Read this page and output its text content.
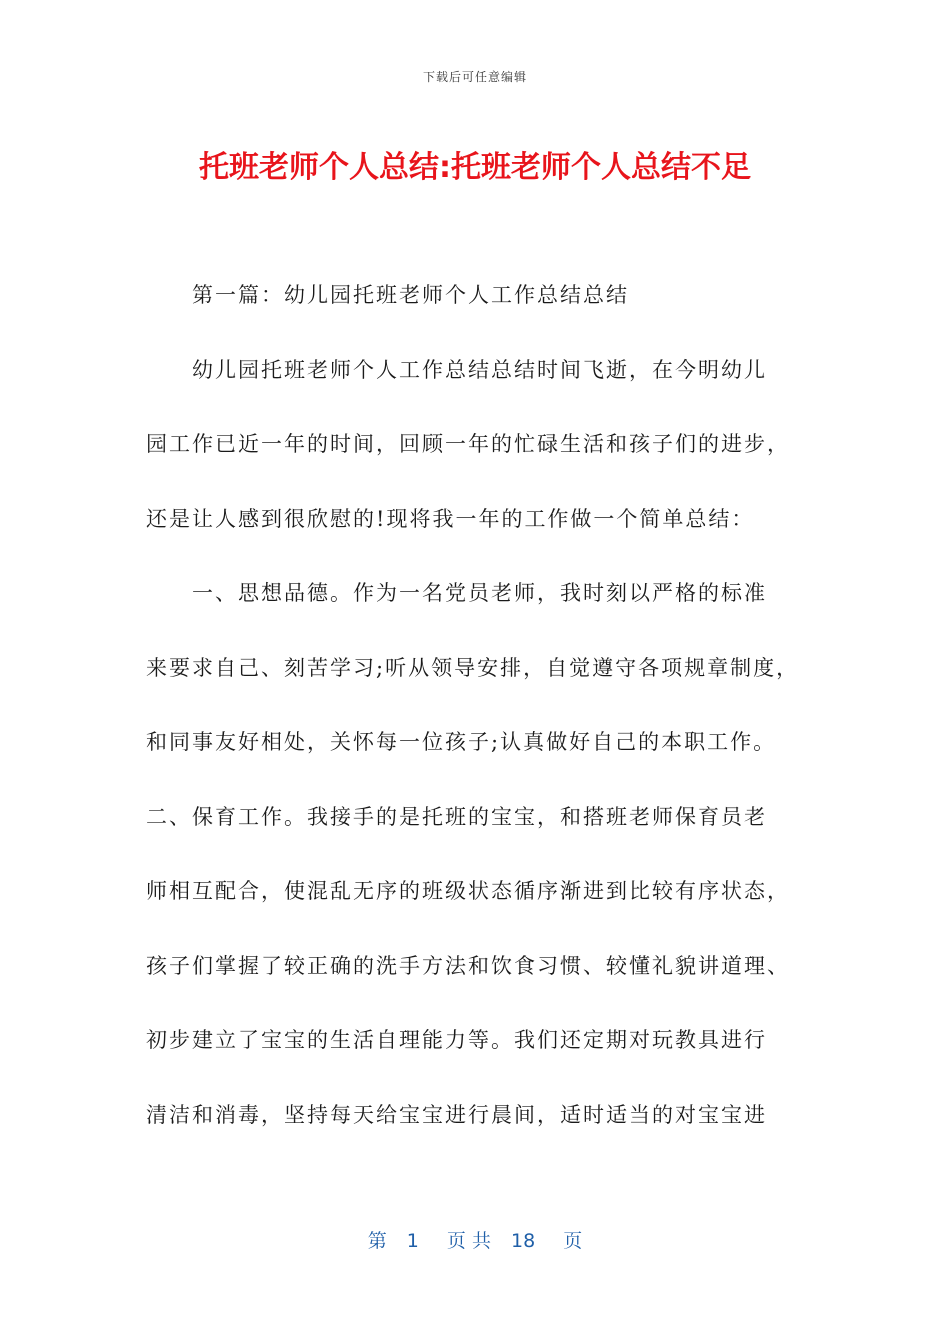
下载后可任意编辑
托班老师个人总结:托班老师个人总结不足
　　第一篇：幼儿园托班老师个人工作总结总结
　　幼儿园托班老师个人工作总结总结时间飞逝，在今明幼儿
园工作已近一年的时间，回顾一年的忙碌生活和孩子们的进步，
还是让人感到很欣慰的!现将我一年的工作做一个简单总结：
　　一、思想品德。作为一名党员老师，我时刻以严格的标准
来要求自己、刻苦学习;听从领导安排，自觉遵守各项规章制度，
和同事友好相处，关怀每一位孩子;认真做好自己的本职工作。
二、保育工作。我接手的是托班的宝宝，和搭班老师保育员老
师相互配合，使混乱无序的班级状态循序渐进到比较有序状态，
孩子们掌握了较正确的洗手方法和饮食习惯、较懂礼貌讲道理、
初步建立了宝宝的生活自理能力等。我们还定期对玩教具进行
清洁和消毒，坚持每天给宝宝进行晨间，适时适当的对宝宝进
第 1 页 共 18 页
